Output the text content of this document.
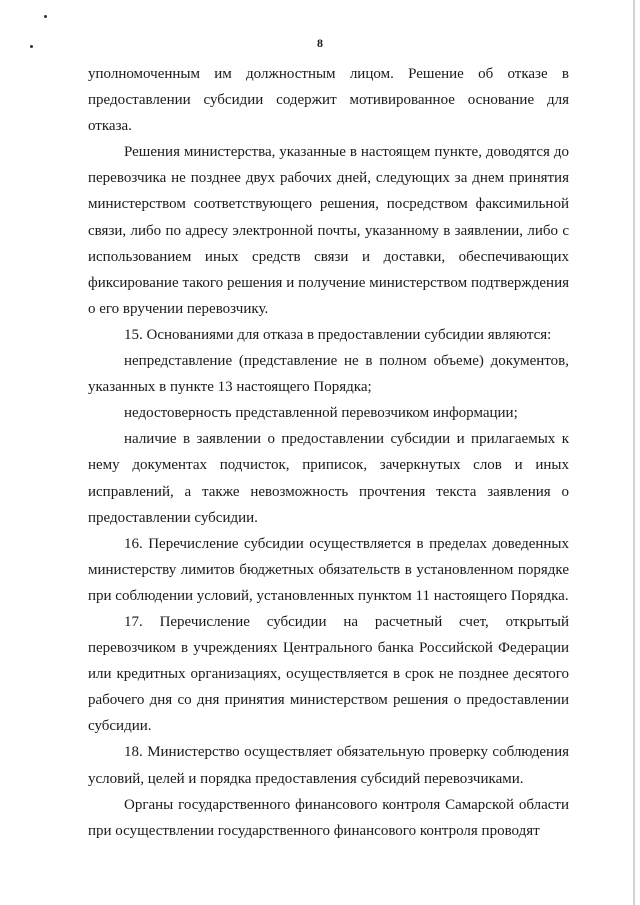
8

уполномоченным им должностным лицом. Решение об отказе в предоставлении субсидии содержит мотивированное основание для отказа.

Решения министерства, указанные в настоящем пункте, доводятся до перевозчика не позднее двух рабочих дней, следующих за днем принятия министерством соответствующего решения, посредством факсимильной связи, либо по адресу электронной почты, указанному в заявлении, либо с использованием иных средств связи и доставки, обеспечивающих фиксирование такого решения и получение министерством подтверждения о его вручении перевозчику.

15. Основаниями для отказа в предоставлении субсидии являются:

непредставление (представление не в полном объеме) документов, указанных в пункте 13 настоящего Порядка;

недостоверность представленной перевозчиком информации;

наличие в заявлении о предоставлении субсидии и прилагаемых к нему документах подчисток, приписок, зачеркнутых слов и иных исправлений, а также невозможность прочтения текста заявления о предоставлении субсидии.

16. Перечисление субсидии осуществляется в пределах доведенных министерству лимитов бюджетных обязательств в установленном порядке при соблюдении условий, установленных пунктом 11 настоящего Порядка.

17. Перечисление субсидии на расчетный счет, открытый перевозчиком в учреждениях Центрального банка Российской Федерации или кредитных организациях, осуществляется в срок не позднее десятого рабочего дня со дня принятия министерством решения о предоставлении субсидии.

18. Министерство осуществляет обязательную проверку соблюдения условий, целей и порядка предоставления субсидий перевозчиками.

Органы государственного финансового контроля Самарской области при осуществлении государственного финансового контроля проводят
